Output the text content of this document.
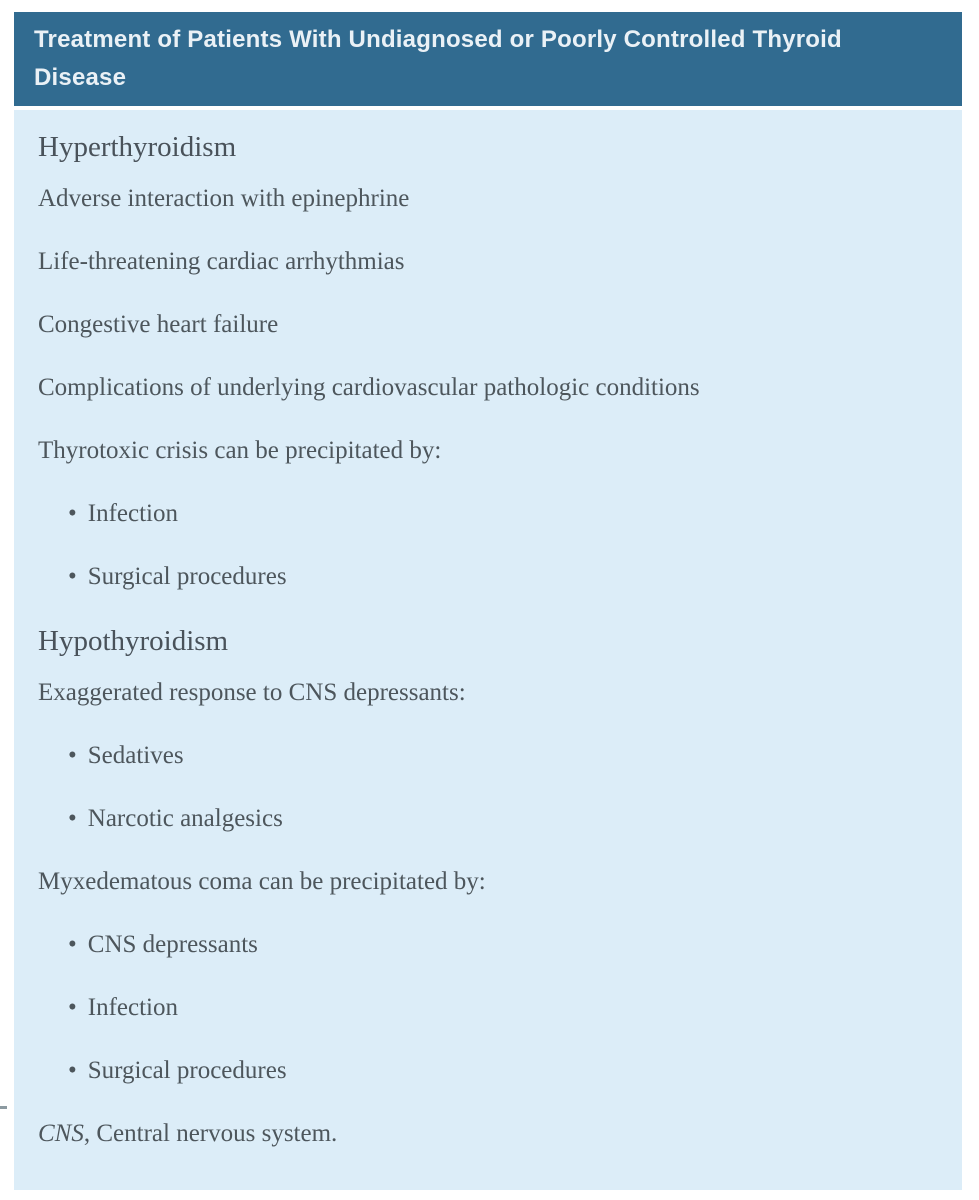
Treatment of Patients With Undiagnosed or Poorly Controlled Thyroid
Disease
Hyperthyroidism

Adverse interaction with epinephrine

Life-threatening cardiac arrhythmias

Congestive heart failure

Complications of underlying cardiovascular pathologic conditions

Thyrotoxic crisis can be precipitated by:

• Infection

• Surgical procedures

Hypothyroidism

Exaggerated response to CNS depressants:

• Sedatives

• Narcotic analgesics

Myxedematous coma can be precipitated by:

• CNS depressants

• Infection

• Surgical procedures

CNS, Central nervous system.
